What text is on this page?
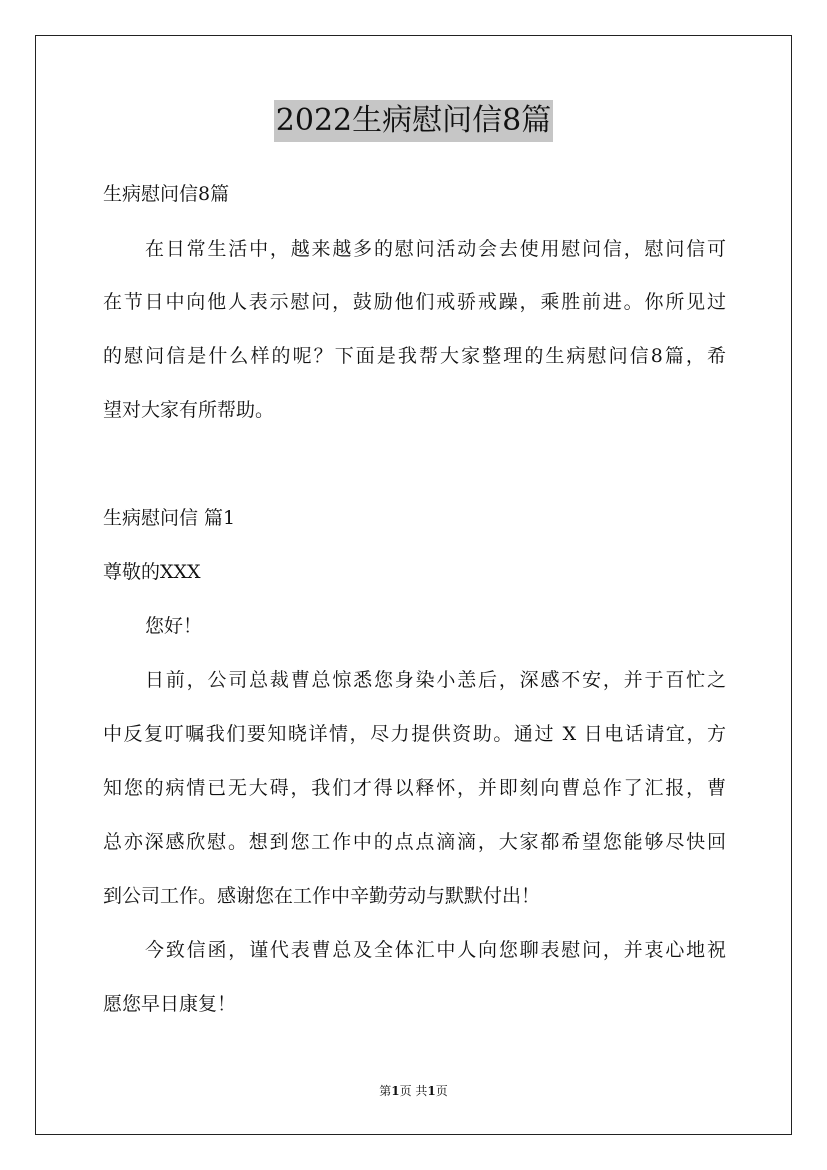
2022生病慰问信8篇
生病慰问信8篇
在日常生活中，越来越多的慰问活动会去使用慰问信，慰问信可
在节日中向他人表示慰问，鼓励他们戒骄戒躁，乘胜前进。你所见过
的慰问信是什么样的呢？下面是我帮大家整理的生病慰问信8篇，希
望对大家有所帮助。
生病慰问信 篇1
尊敬的XXX
您好！
日前，公司总裁曹总惊悉您身染小恙后，深感不安，并于百忙之
中反复叮嘱我们要知晓详情，尽力提供资助。通过 X 日电话请宜，方
知您的病情已无大碍，我们才得以释怀，并即刻向曹总作了汇报，曹
总亦深感欣慰。想到您工作中的点点滴滴，大家都希望您能够尽快回
到公司工作。感谢您在工作中辛勤劳动与默默付出！
今致信函，谨代表曹总及全体汇中人向您聊表慰问，并衷心地祝
愿您早日康复！
第1页 共1页
